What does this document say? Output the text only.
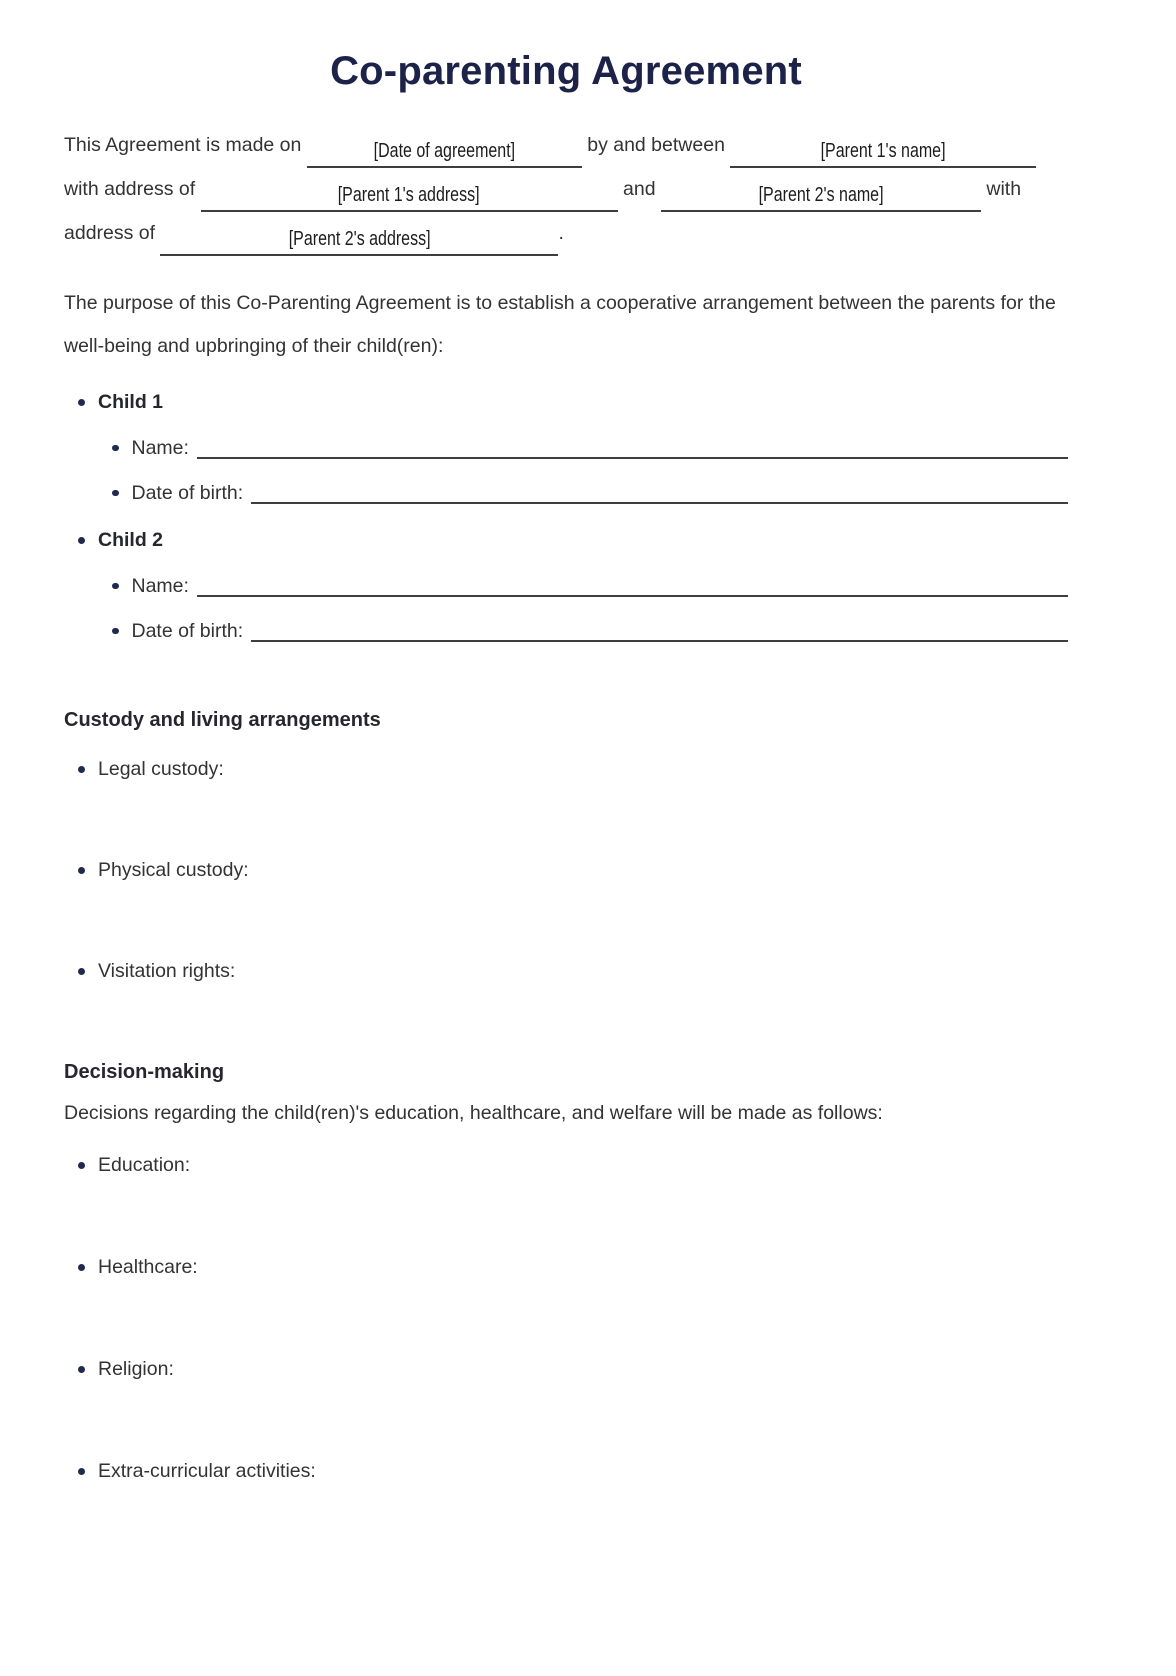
Co-parenting Agreement
This Agreement is made on	[Date of agreement]	by and between	[Parent 1's name]
with address of	[Parent 1's address]	and	[Parent 2's name]	with
address of	[Parent 2's address]	.

The purpose of this Co-Parenting Agreement is to establish a cooperative arrangement between the parents for the well-being and upbringing of their child(ren):

Child 1
Name:
Date of birth:
Child 2
Name:
Date of birth:
Custody and living arrangements
Legal custody:
Physical custody:
Visitation rights:
Decision-making

Decisions regarding the child(ren)'s education, healthcare, and welfare will be made as follows:

Education:
Healthcare:
Religion:
Extra-curricular activities:
